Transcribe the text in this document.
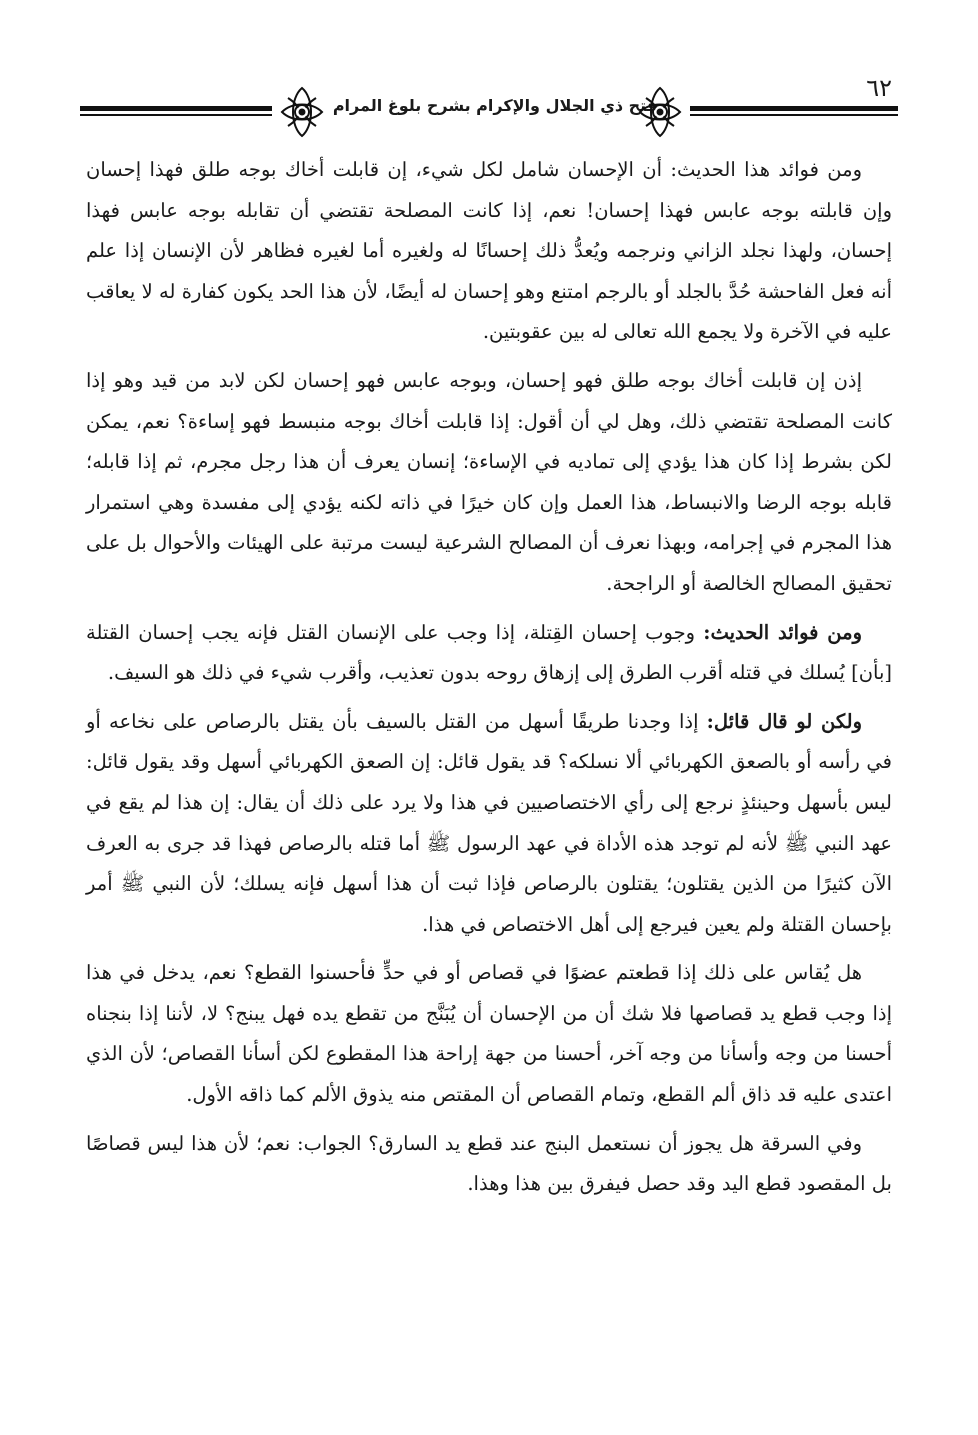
٦٢
فتح ذي الجلال والإكرام بشرح بلوغ المرام

ومن فوائد هذا الحديث: أن الإحسان شامل لكل شيء، إن قابلت أخاك بوجه طلق فهذا إحسان وإن قابلته بوجه عابس فهذا إحسان! نعم، إذا كانت المصلحة تقتضي أن تقابله بوجه عابس فهذا إحسان، ولهذا نجلد الزاني ونرجمه ويُعدُّ ذلك إحسانًا له ولغيره أما لغيره فظاهر لأن الإنسان إذا علم أنه فعل الفاحشة حُدَّ بالجلد أو بالرجم امتنع وهو إحسان له أيضًا، لأن هذا الحد يكون كفارة له لا يعاقب عليه في الآخرة ولا يجمع الله تعالى له بين عقوبتين.

إذن إن قابلت أخاك بوجه طلق فهو إحسان، وبوجه عابس فهو إحسان لكن لابد من قيد وهو إذا كانت المصلحة تقتضي ذلك، وهل لي أن أقول: إذا قابلت أخاك بوجه منبسط فهو إساءة؟ نعم، يمكن لكن بشرط إذا كان هذا يؤدي إلى تماديه في الإساءة؛ إنسان يعرف أن هذا رجل مجرم، ثم إذا قابله؛ قابله بوجه الرضا والانبساط، هذا العمل وإن كان خيرًا في ذاته لكنه يؤدي إلى مفسدة وهي استمرار هذا المجرم في إجرامه، وبهذا نعرف أن المصالح الشرعية ليست مرتبة على الهيئات والأحوال بل على تحقيق المصالح الخالصة أو الراجحة.

ومن فوائد الحديث: وجوب إحسان القِتلة، إذا وجب على الإنسان القتل فإنه يجب إحسان القتلة [بأن] يُسلك في قتله أقرب الطرق إلى إزهاق روحه بدون تعذيب، وأقرب شيء في ذلك هو السيف.

ولكن لو قال قائل: إذا وجدنا طريقًا أسهل من القتل بالسيف بأن يقتل بالرصاص على نخاعه أو في رأسه أو بالصعق الكهربائي ألا نسلكه؟ قد يقول قائل: إن الصعق الكهربائي أسهل وقد يقول قائل: ليس بأسهل وحينئذٍ نرجع إلى رأي الاختصاصيين في هذا ولا يرد على ذلك أن يقال: إن هذا لم يقع في عهد النبي ﷺ لأنه لم توجد هذه الأداة في عهد الرسول ﷺ أما قتله بالرصاص فهذا قد جرى به العرف الآن كثيرًا من الذين يقتلون؛ يقتلون بالرصاص فإذا ثبت أن هذا أسهل فإنه يسلك؛ لأن النبي ﷺ أمر بإحسان القتلة ولم يعين فيرجع إلى أهل الاختصاص في هذا.

هل يُقاس على ذلك إذا قطعتم عضوًا في قصاص أو في حدٍّ فأحسنوا القطع؟ نعم، يدخل في هذا إذا وجب قطع يد قصاصها فلا شك أن من الإحسان أن يُبَنَّج من تقطع يده فهل يبنج؟ لا، لأننا إذا بنجناه أحسنا من وجه وأسأنا من وجه آخر، أحسنا من جهة إراحة هذا المقطوع لكن أسأنا القصاص؛ لأن الذي اعتدى عليه قد ذاق ألم القطع، وتمام القصاص أن المقتص منه يذوق الألم كما ذاقه الأول.

وفي السرقة هل يجوز أن نستعمل البنج عند قطع يد السارق؟ الجواب: نعم؛ لأن هذا ليس قصاصًا بل المقصود قطع اليد وقد حصل فيفرق بين هذا وهذا.
